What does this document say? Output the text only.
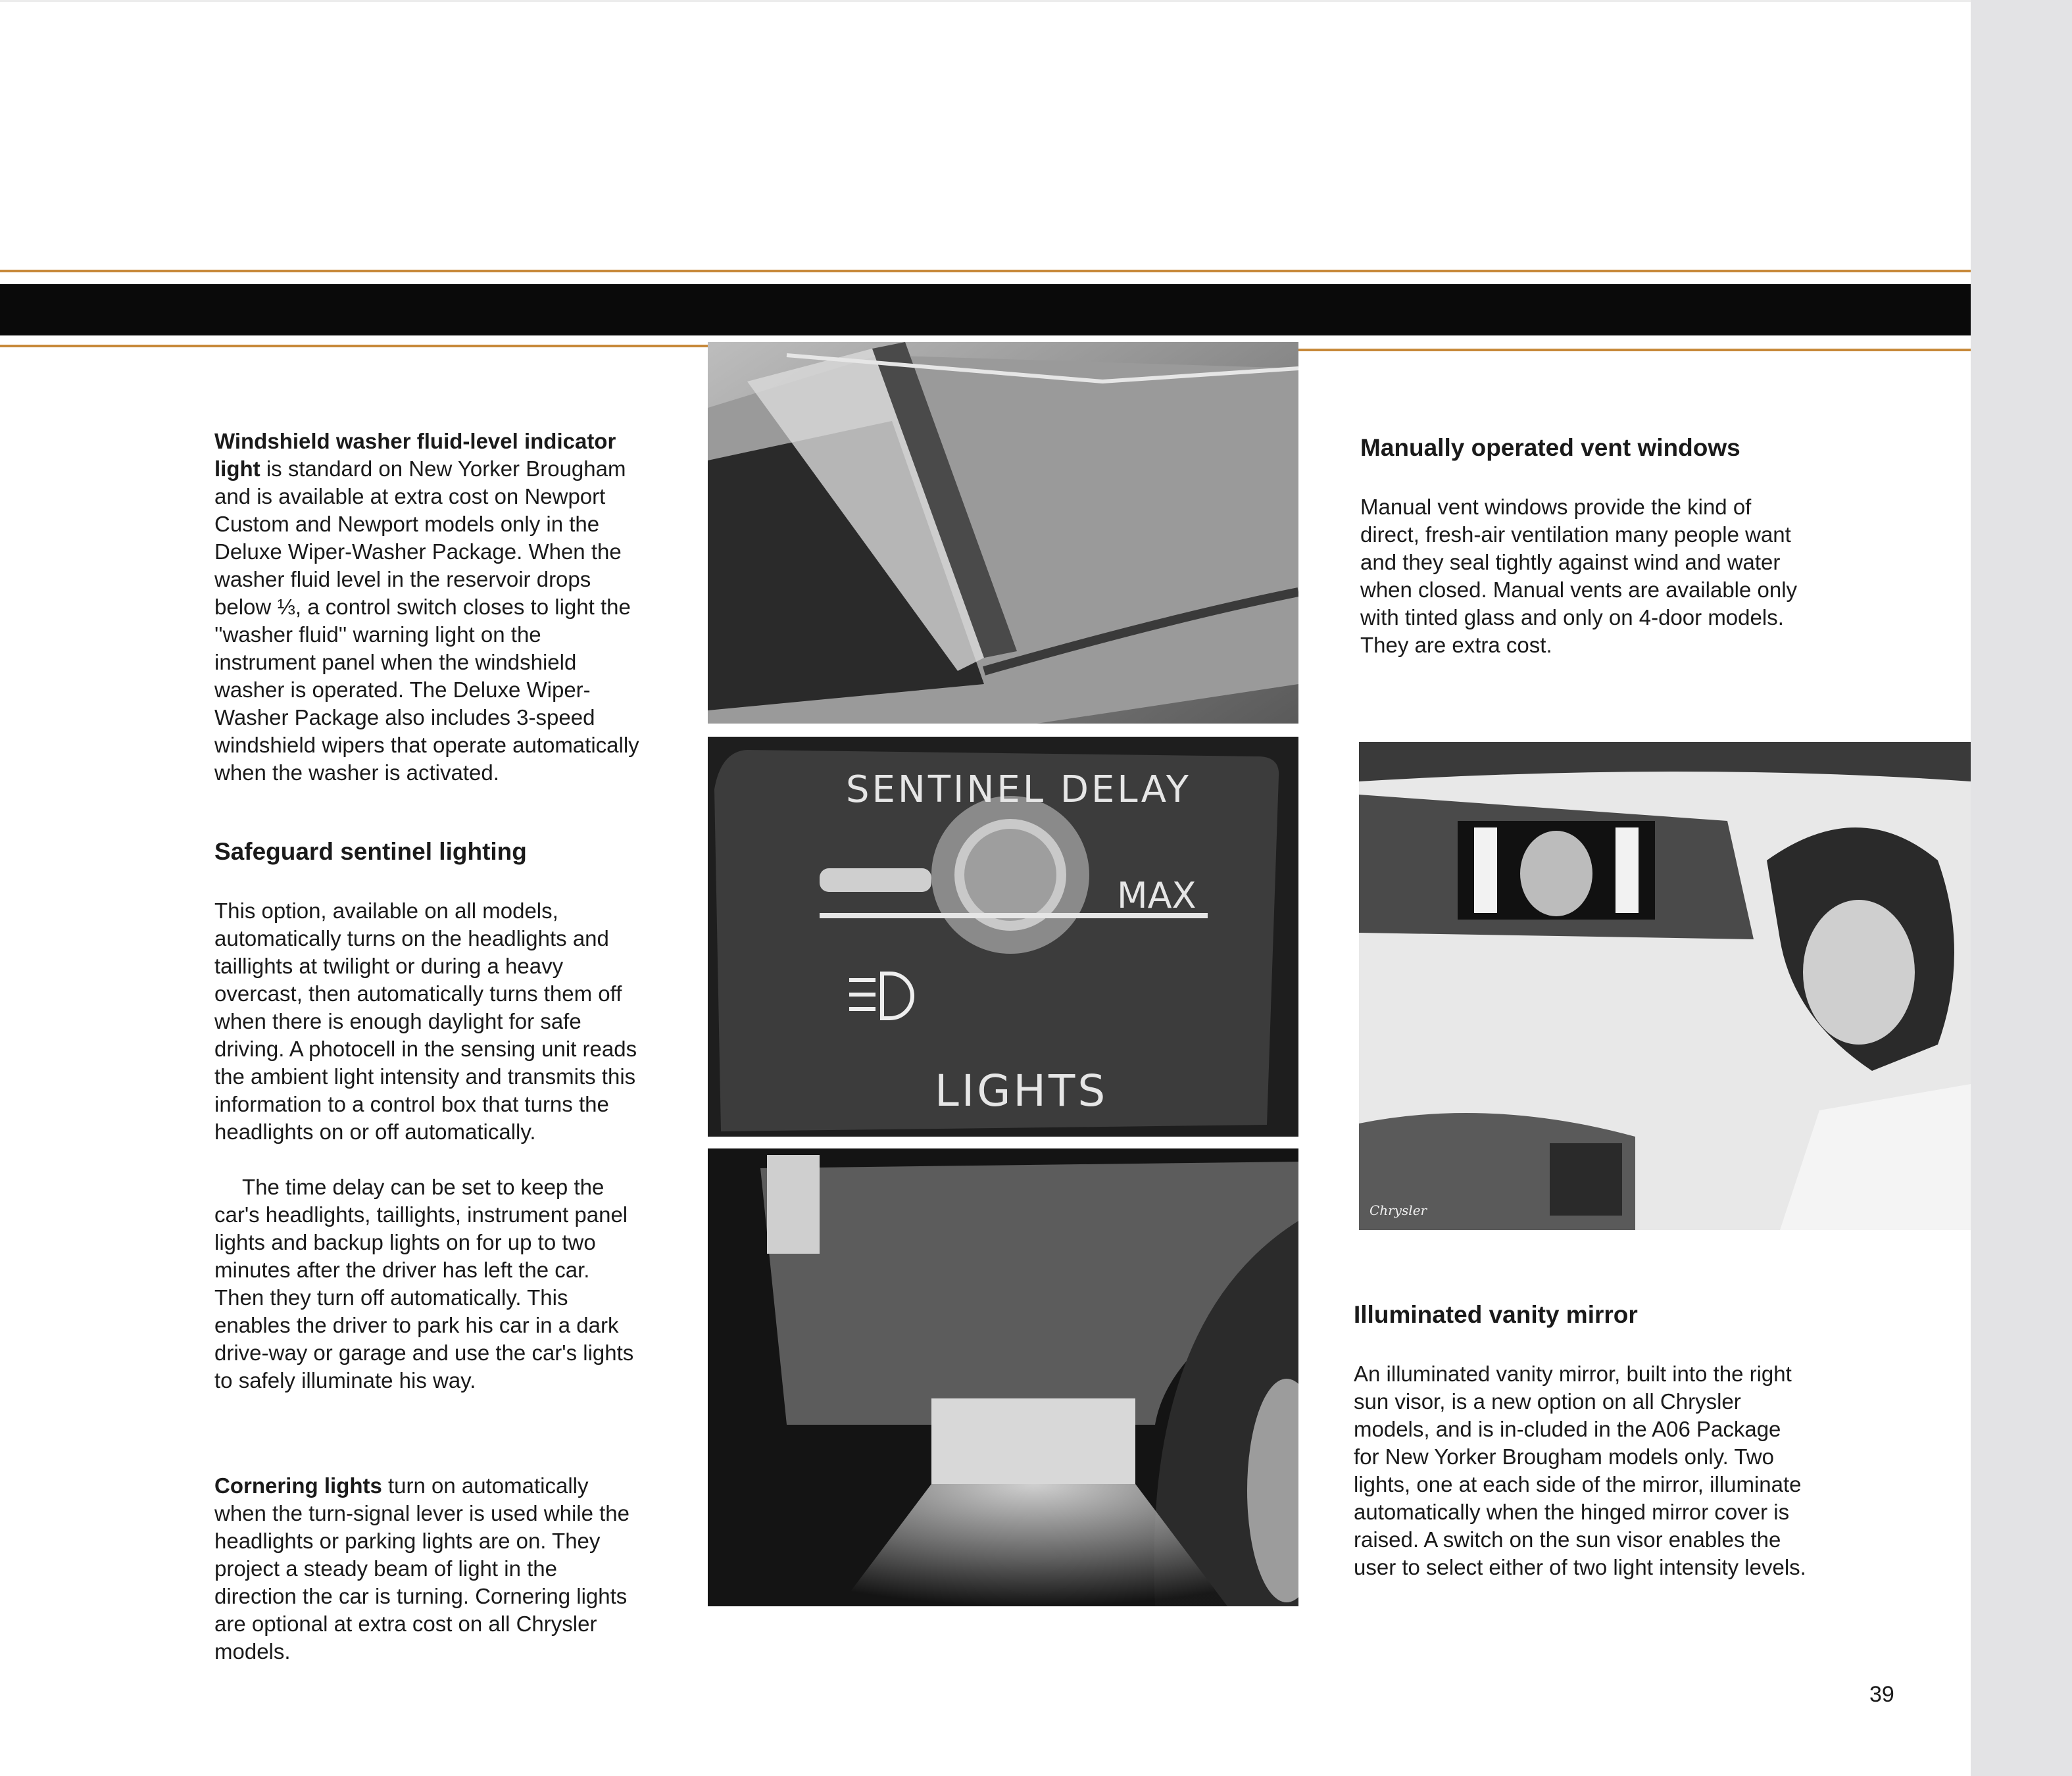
Windshield washer fluid-level indicator light is standard on New Yorker Brougham and is available at extra cost on Newport Custom and Newport models only in the Deluxe Wiper-Washer Package. When the washer fluid level in the reservoir drops below ⅓, a control switch closes to light the ''washer fluid'' warning light on the instrument panel when the windshield washer is operated. The Deluxe Wiper-Washer Package also includes 3-speed windshield wipers that operate automatically when the washer is activated.

Safeguard sentinel lighting

This option, available on all models, automatically turns on the headlights and taillights at twilight or during a heavy overcast, then automatically turns them off when there is enough daylight for safe driving. A photocell in the sensing unit reads the ambient light intensity and transmits this information to a control box that turns the headlights on or off automatically.

The time delay can be set to keep the car's headlights, taillights, instrument panel lights and backup lights on for up to two minutes after the driver has left the car. Then they turn off automatically. This enables the driver to park his car in a dark drive-way or garage and use the car's lights to safely illuminate his way.

Cornering lights turn on automatically when the turn-signal lever is used while the headlights or parking lights are on. They project a steady beam of light in the direction the car is turning. Cornering lights are optional at extra cost on all Chrysler models.

SENTINEL DELAY
MAX
LIGHTS

Manually operated vent windows

Manual vent windows provide the kind of direct, fresh-air ventilation many people want and they seal tightly against wind and water when closed. Manual vents are available only with tinted glass and only on 4-door models. They are extra cost.

Chrysler

Illuminated vanity mirror

An illuminated vanity mirror, built into the right sun visor, is a new option on all Chrysler models, and is in-cluded in the A06 Package for New Yorker Brougham models only. Two lights, one at each side of the mirror, illuminate automatically when the hinged mirror cover is raised. A switch on the sun visor enables the user to select either of two light intensity levels.

39
